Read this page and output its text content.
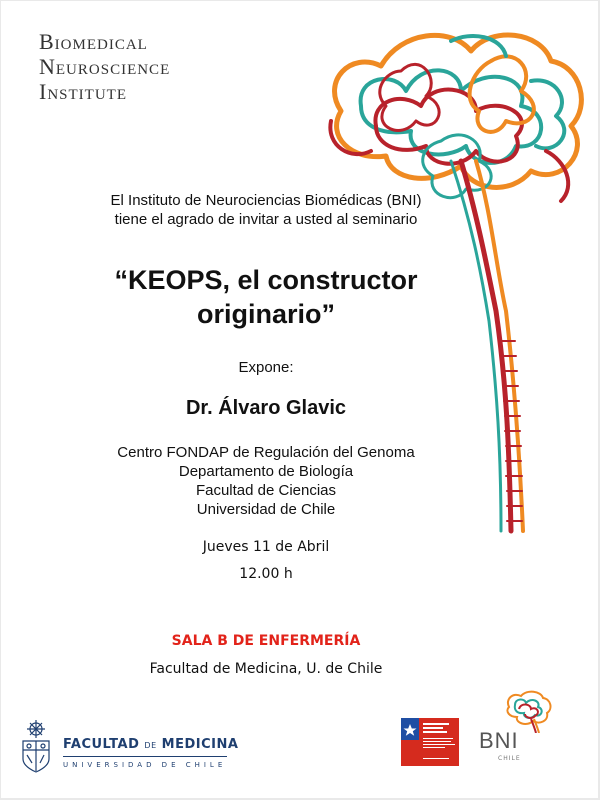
Biomedical
Neuroscience
Institute
El Instituto de Neurociencias Biomédicas (BNI)
tiene el agrado de invitar a usted al seminario
“KEOPS, el constructor
originario”
Expone:
Dr. Álvaro Glavic
Centro FONDAP de Regulación del Genoma
Departamento de Biología
Facultad de Ciencias
Universidad de Chile
Jueves 11 de Abril
12.00 h
SALA B DE ENFERMERÍA
Facultad de Medicina, U. de Chile
FACULTAD DE MEDICINA
UNIVERSIDAD DE CHILE
BNI
CHILE
